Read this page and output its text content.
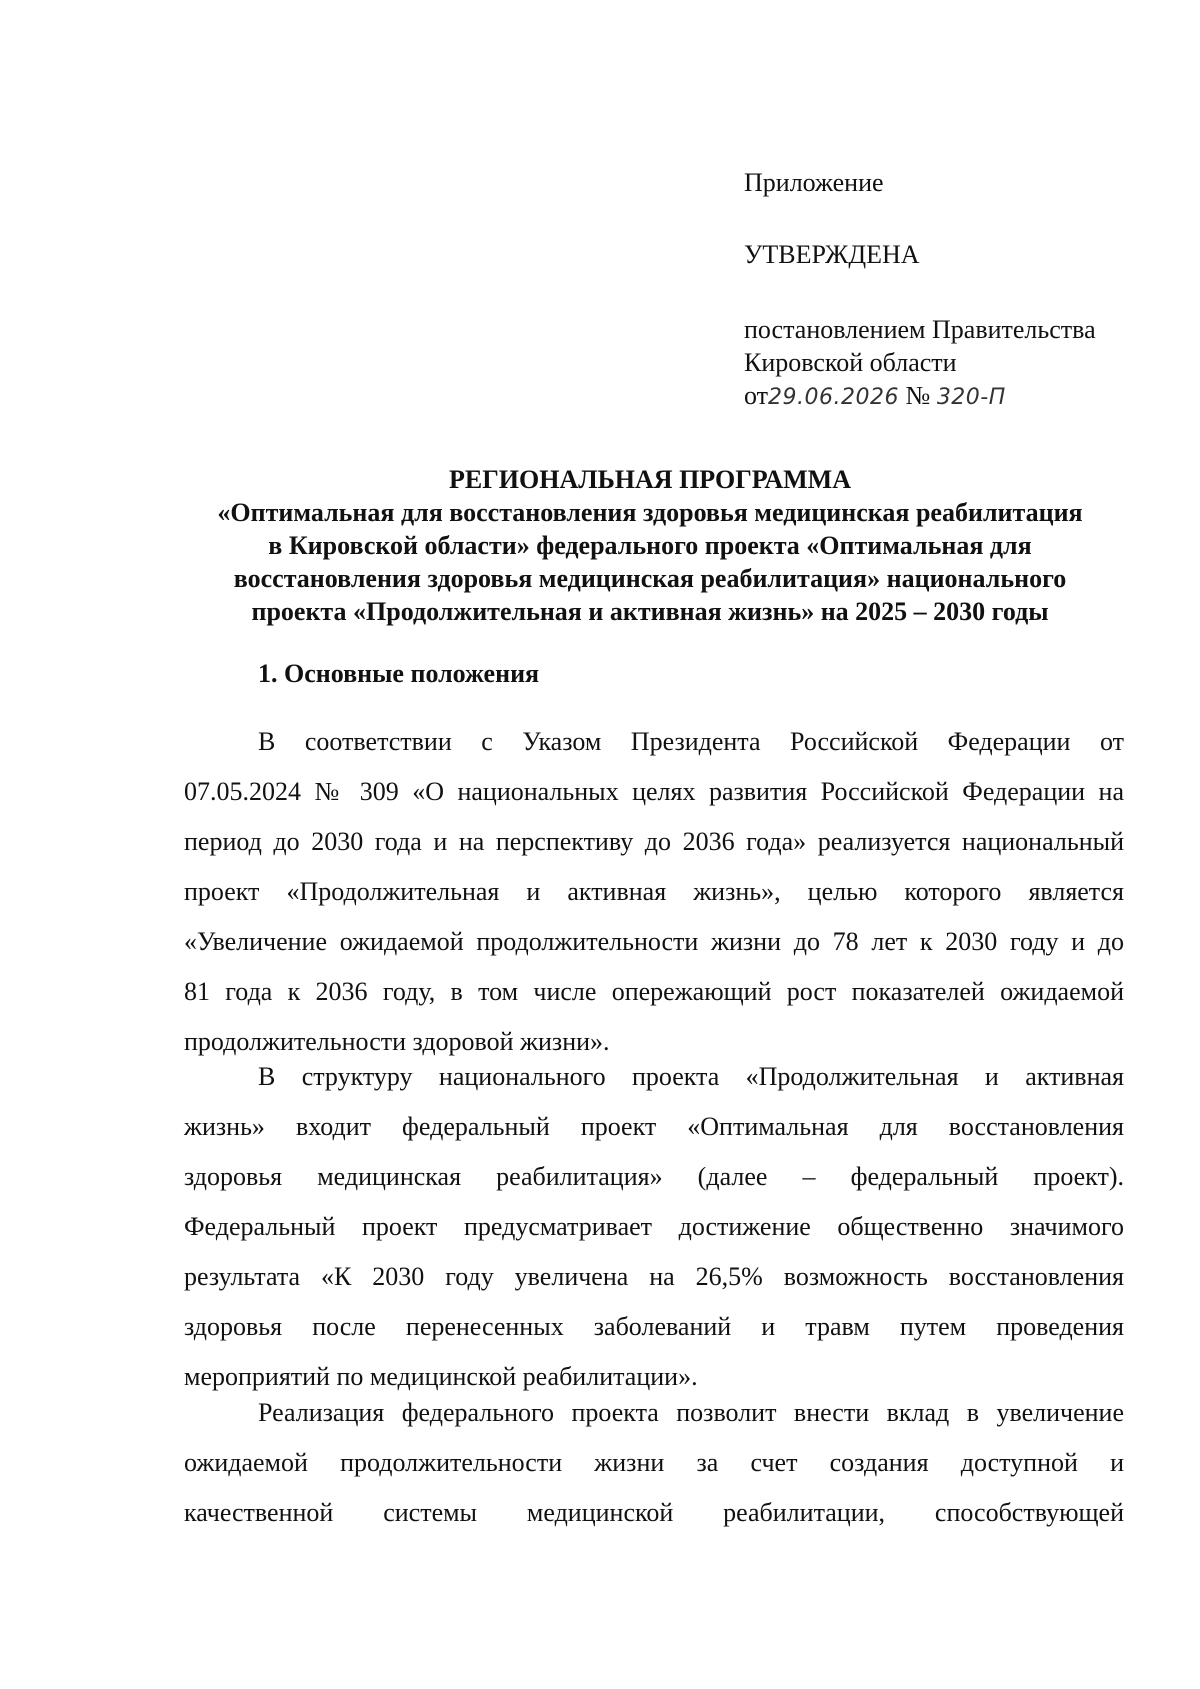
Приложение
УТВЕРЖДЕНА
постановлением Правительства
Кировской области
от29.06.2026 № 320-П
РЕГИОНАЛЬНАЯ ПРОГРАММА
«Оптимальная для восстановления здоровья медицинская реабилитация
в Кировской области» федерального проекта «Оптимальная для
восстановления здоровья медицинская реабилитация» национального
проекта «Продолжительная и активная жизнь» на 2025 – 2030 годы
1. Основные положения
В соответствии с Указом Президента Российской Федерации от
07.05.2024 № 309 «О национальных целях развития Российской Федерации на
период до 2030 года и на перспективу до 2036 года» реализуется национальный
проект «Продолжительная и активная жизнь», целью которого является
«Увеличение ожидаемой продолжительности жизни до 78 лет к 2030 году и до
81 года к 2036 году, в том числе опережающий рост показателей ожидаемой
продолжительности здоровой жизни».
В структуру национального проекта «Продолжительная и активная
жизнь» входит федеральный проект «Оптимальная для восстановления
здоровья медицинская реабилитация» (далее – федеральный проект).
Федеральный проект предусматривает достижение общественно значимого
результата «К 2030 году увеличена на 26,5% возможность восстановления
здоровья после перенесенных заболеваний и травм путем проведения
мероприятий по медицинской реабилитации».
Реализация федерального проекта позволит внести вклад в увеличение
ожидаемой продолжительности жизни за счет создания доступной и
качественной системы медицинской реабилитации, способствующей
